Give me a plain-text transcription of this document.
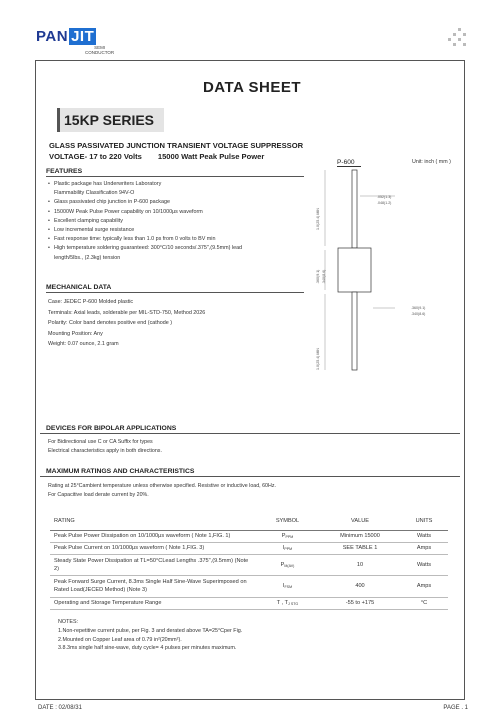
PAN JIT
SEMI
CONDUCTOR
DATA SHEET
15KP SERIES
GLASS PASSIVATED JUNCTION TRANSIENT VOLTAGE SUPPRESSOR
VOLTAGE- 17 to 220 Volts 15000 Watt Peak Pulse Power
FEATURES
• Plastic package has Underwriters Laboratory
Flammability Classification 94V-O
• Glass passivated chip junction in P-600 package
• 15000W Peak Pulse Power capability on 10/1000μs waveform
• Excellent clamping capability
• Low incremental surge resistance
• Fast response time: typically less than 1.0 ps from 0 volts to BV min
• High temperature soldering guaranteed: 300°C/10 seconds/.375",(9.5mm) lead
length/5lbs., (2.3kg) tension
MECHANICAL DATA
Case: JEDEC P-600 Molded plastic
Terminals: Axial leads, solderable per MIL-STD-750, Method 2026
Polarity: Color band denotes positive end (cathode )
Mounting Position: Any
Weight: 0.07 ounce, 2.1 gram
P-600	Unit: inch ( mm )
1.0(25.4) MIN
.360(9.1) .340(8.6)
1.0(25.4) MIN
.052(1.3)
.048(1.2)
.360(9.1)
.340(8.6)
DEVICES FOR BIPOLAR APPLICATIONS
For Bidirectional use C or CA Suffix for types
Electrical characteristics apply in both directions.
MAXIMUM RATINGS AND CHARACTERISTICS
Rating at 25°Cambient temperature unless otherwise specified. Resistive or inductive load, 60Hz.
For Capacitive load derate current by 20%.
RATING	SYMBOL	VALUE	UNITS
Peak Pulse Power Dissipation on 10/1000μs waveform ( Note 1,FIG. 1)	$P_{PPM}$	Minimum 15000	Watts
Peak Pulse Current on 10/1000μs waveform ( Note 1,FIG. 3)	$I_{PPM}$	SEE TABLE 1	Amps
Steady State Power Dissipation at TL=50°CLead Lengths .375",(9.5mm) (Note 2)	$P_{M(AV)}$	10	Watts
Peak Forward Surge Current, 8.3ms Single Half Sine-Wave Superimposed on Rated Load(JECED Method) (Note 3)	$I_{FSM}$	400	Amps
Operating and Storage Temperature Range	T , $T_{J STG}$	-55 to +175	°C
NOTES:
1.Non-repetitive current pulse, per Fig. 3 and derated above TA=25°Cper Fig.
2.Mounted on Copper Leaf area of 0.79 in²(20mm²).
3.8.3ms single half sine-wave, duty cycle= 4 pulses per minutes maximum.
DATE : 02/08/31	PAGE . 1
